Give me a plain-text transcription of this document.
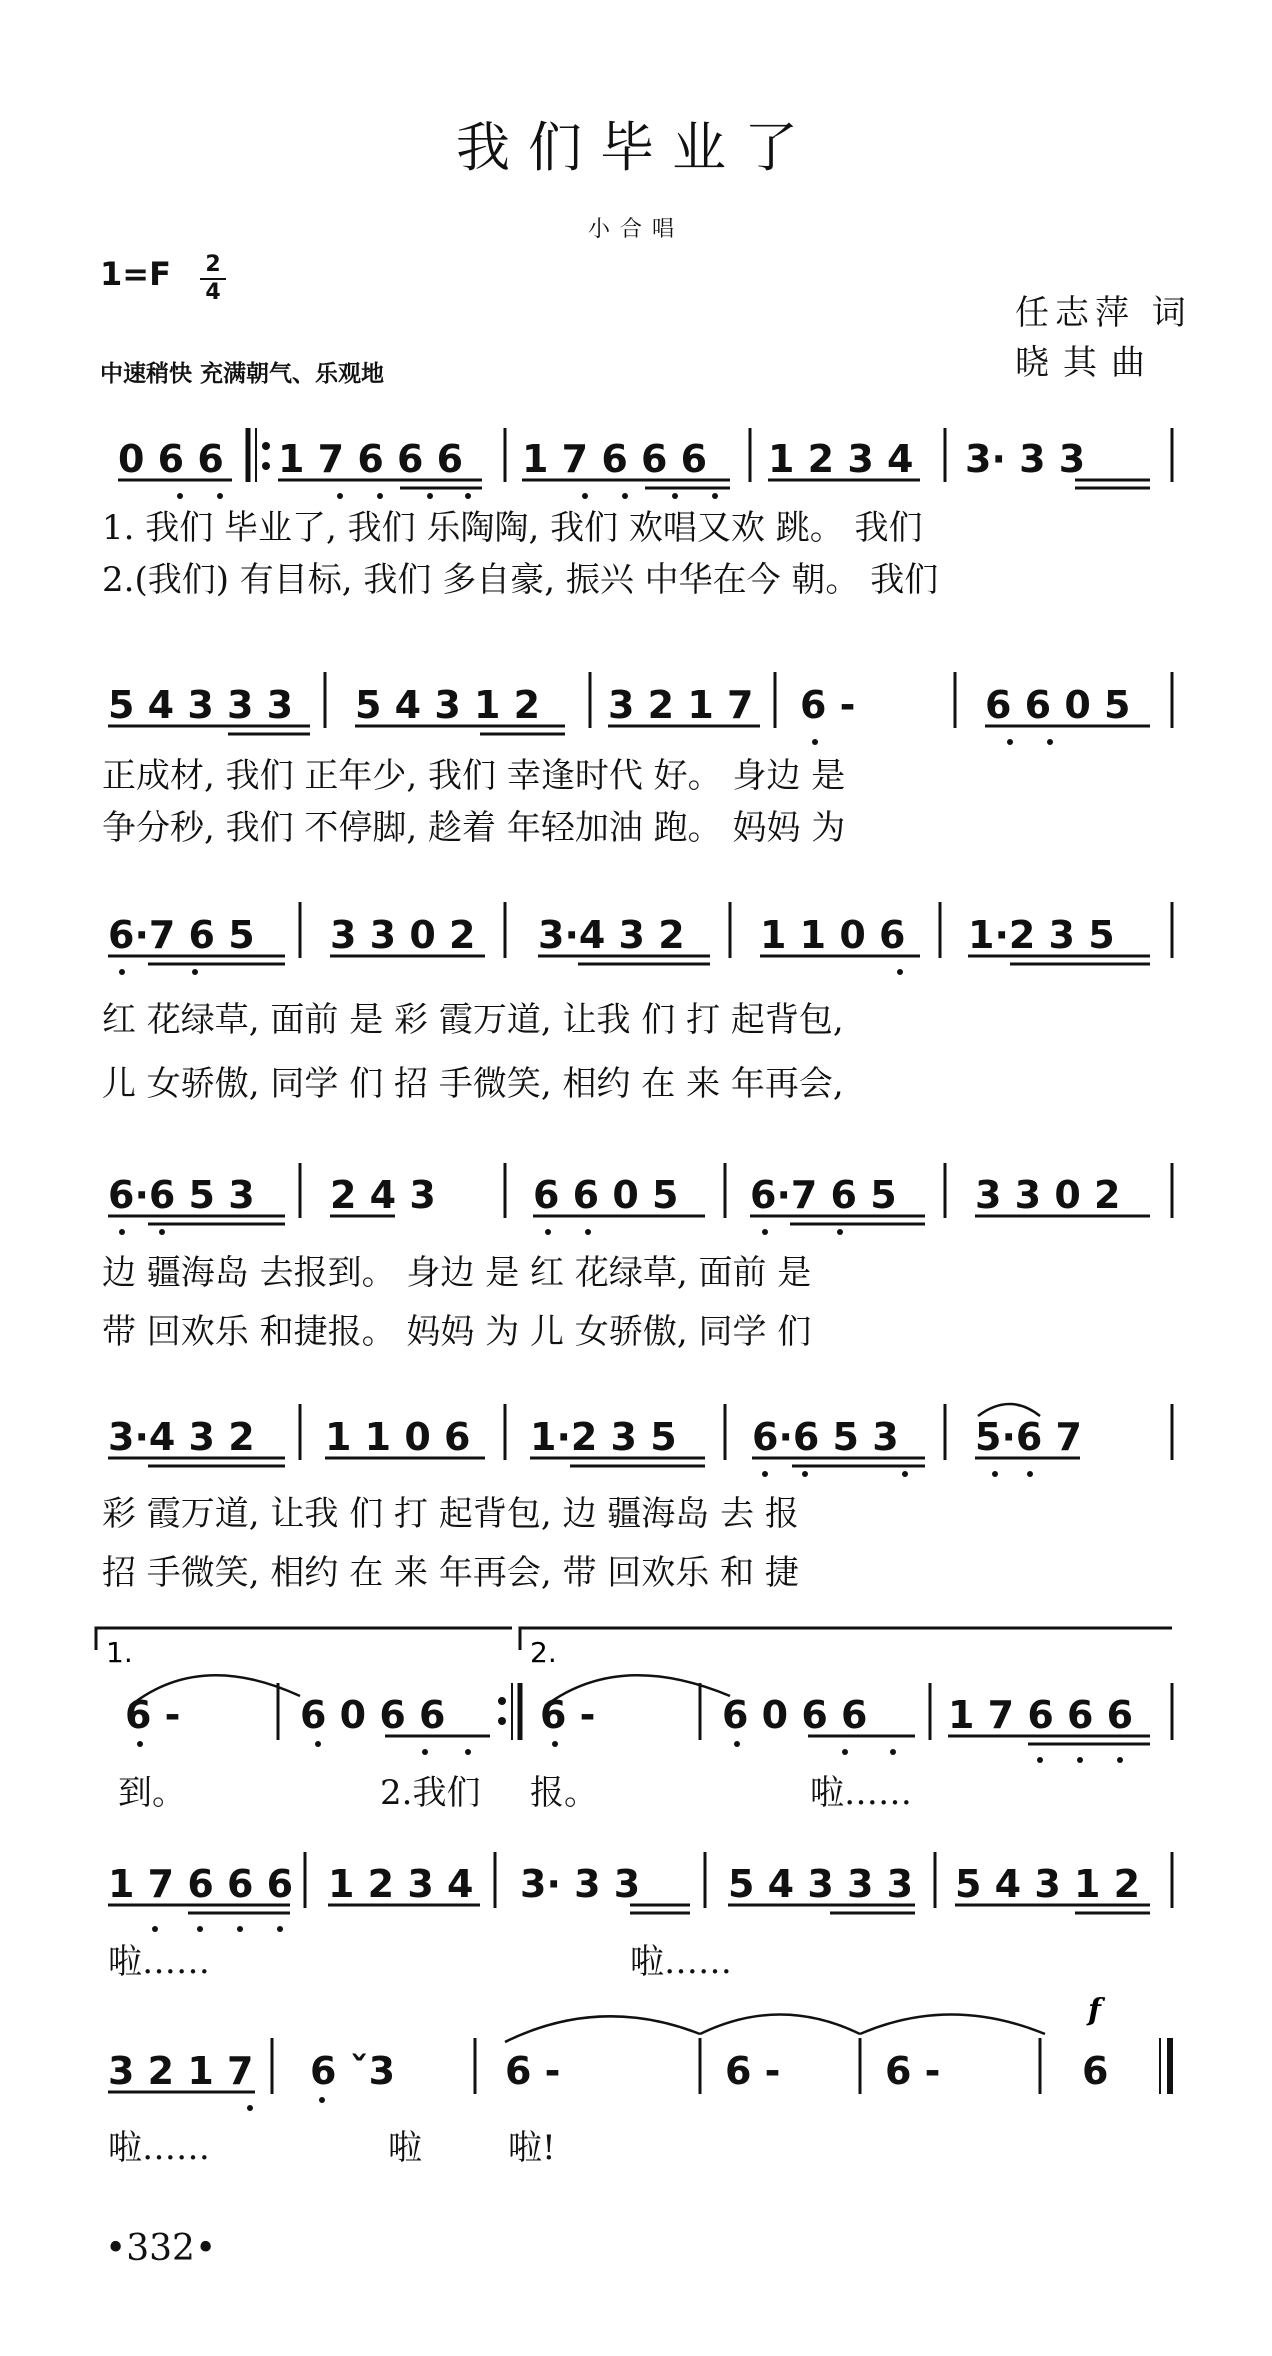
我们毕业了
小合唱
1=F 2
4
中速稍快 充满朝气、乐观地
任志萍 词
晓其曲
1.	2.
0 6 6 1 7 6 6 6 1 7 6 6 6 1 2 3 4 3· 3 3
5 4 3 3 3 5 4 3 1 2 3 2 1 7 6 -	6 6 0 5
6·7 6 5 3 3 0 2 3·4 3 2 1 1 0 6 1·2 3 5
6·6 5 3 2 4 3	6 6 0 5 6·7 6 5 3 3 0 2
3·4 3 2 1 1 0 6 1·2 3 5 6·6 5 3 5·6 7
6 -	6 0 6 6 6 -	6 0 6 6 1 7 6 6 6
1 7 6 6 6 1 2 3 4 3· 3 3 5 4 3 3 3 5 4 3 1 2
3 2 1 7 6 ˇ3	6 -	6 -	6 -	6
f
1. 我们 毕业了, 我们 乐陶陶, 我们 欢唱又欢 跳。 我们
2.(我们) 有目标, 我们 多自豪, 振兴 中华在今 朝。 我们
正成材, 我们 正年少, 我们 幸逢时代 好。 身边 是
争分秒, 我们 不停脚, 趁着 年轻加油 跑。 妈妈 为
红 花绿草, 面前 是 彩 霞万道, 让我 们 打 起背包,
儿 女骄傲, 同学 们 招 手微笑, 相约 在 来 年再会,
边 疆海岛 去报到。 身边 是 红 花绿草, 面前 是
带 回欢乐 和捷报。 妈妈 为 儿 女骄傲, 同学 们
彩 霞万道, 让我 们 打 起背包, 边 疆海岛 去 报
招 手微笑, 相约 在 来 年再会, 带 回欢乐 和 捷
到。	2.我们 报。	啦……
啦……	啦……
啦……	啦	啦!
•332•
